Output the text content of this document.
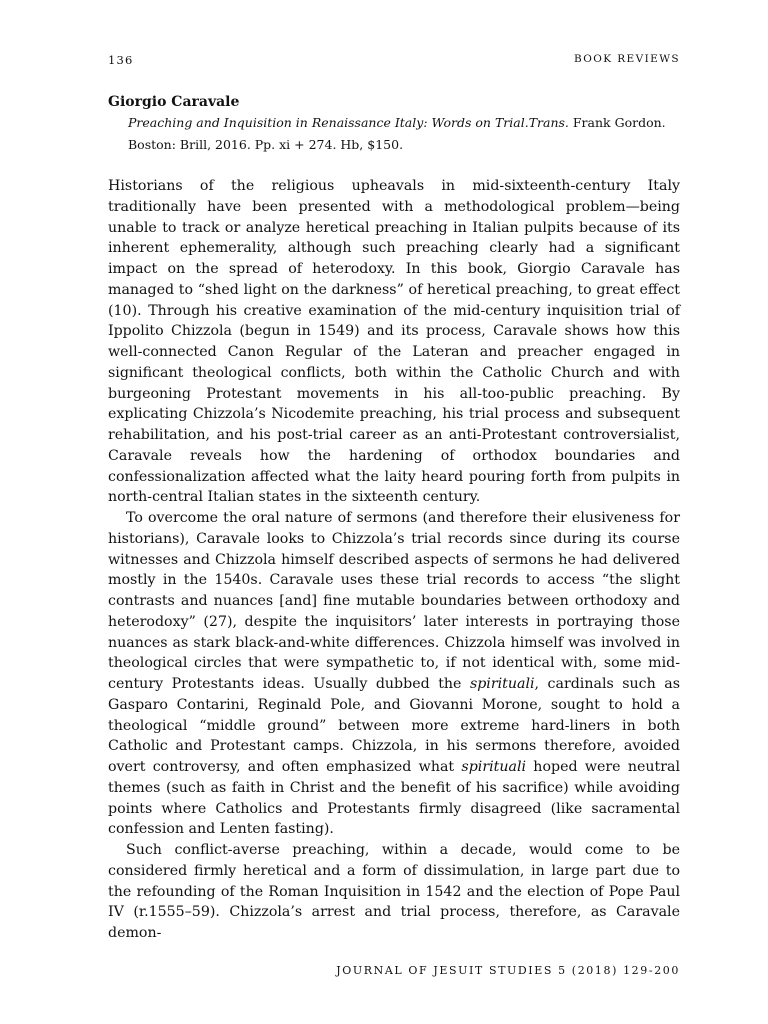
136	BOOK REVIEWS
Giorgio Caravale
Preaching and Inquisition in Renaissance Italy: Words on Trial.Trans. Frank Gordon. Boston: Brill, 2016. Pp. xi + 274. Hb, $150.

Historians of the religious upheavals in mid-sixteenth-century Italy traditionally have been presented with a methodological problem—being unable to track or analyze heretical preaching in Italian pulpits because of its inherent ephemerality, although such preaching clearly had a significant impact on the spread of heterodoxy. In this book, Giorgio Caravale has managed to “shed light on the darkness” of heretical preaching, to great effect (10). Through his creative examination of the mid-century inquisition trial of Ippolito Chizzola (begun in 1549) and its process, Caravale shows how this well-connected Canon Regular of the Lateran and preacher engaged in significant theological conflicts, both within the Catholic Church and with burgeoning Protestant movements in his all-too-public preaching. By explicating Chizzola’s Nicodemite preaching, his trial process and subsequent rehabilitation, and his post-trial career as an anti-Protestant controversialist, Caravale reveals how the hardening of orthodox boundaries and confessionalization affected what the laity heard pouring forth from pulpits in north-central Italian states in the sixteenth century.

To overcome the oral nature of sermons (and therefore their elusiveness for historians), Caravale looks to Chizzola’s trial records since during its course witnesses and Chizzola himself described aspects of sermons he had delivered mostly in the 1540s. Caravale uses these trial records to access “the slight contrasts and nuances [and] fine mutable boundaries between orthodoxy and heterodoxy” (27), despite the inquisitors’ later interests in portraying those nuances as stark black-and-white differences. Chizzola himself was involved in theological circles that were sympathetic to, if not identical with, some mid-century Protestants ideas. Usually dubbed the spirituali, cardinals such as Gasparo Contarini, Reginald Pole, and Giovanni Morone, sought to hold a theological “middle ground” between more extreme hard-liners in both Catholic and Protestant camps. Chizzola, in his sermons therefore, avoided overt controversy, and often emphasized what spirituali hoped were neutral themes (such as faith in Christ and the benefit of his sacrifice) while avoiding points where Catholics and Protestants firmly disagreed (like sacramental confession and Lenten fasting).

Such conflict-averse preaching, within a decade, would come to be considered firmly heretical and a form of dissimulation, in large part due to the refounding of the Roman Inquisition in 1542 and the election of Pope Paul IV (r.1555–59). Chizzola’s arrest and trial process, therefore, as Caravale demon-

JOURNAL OF JESUIT STUDIES 5 (2018) 129-200
